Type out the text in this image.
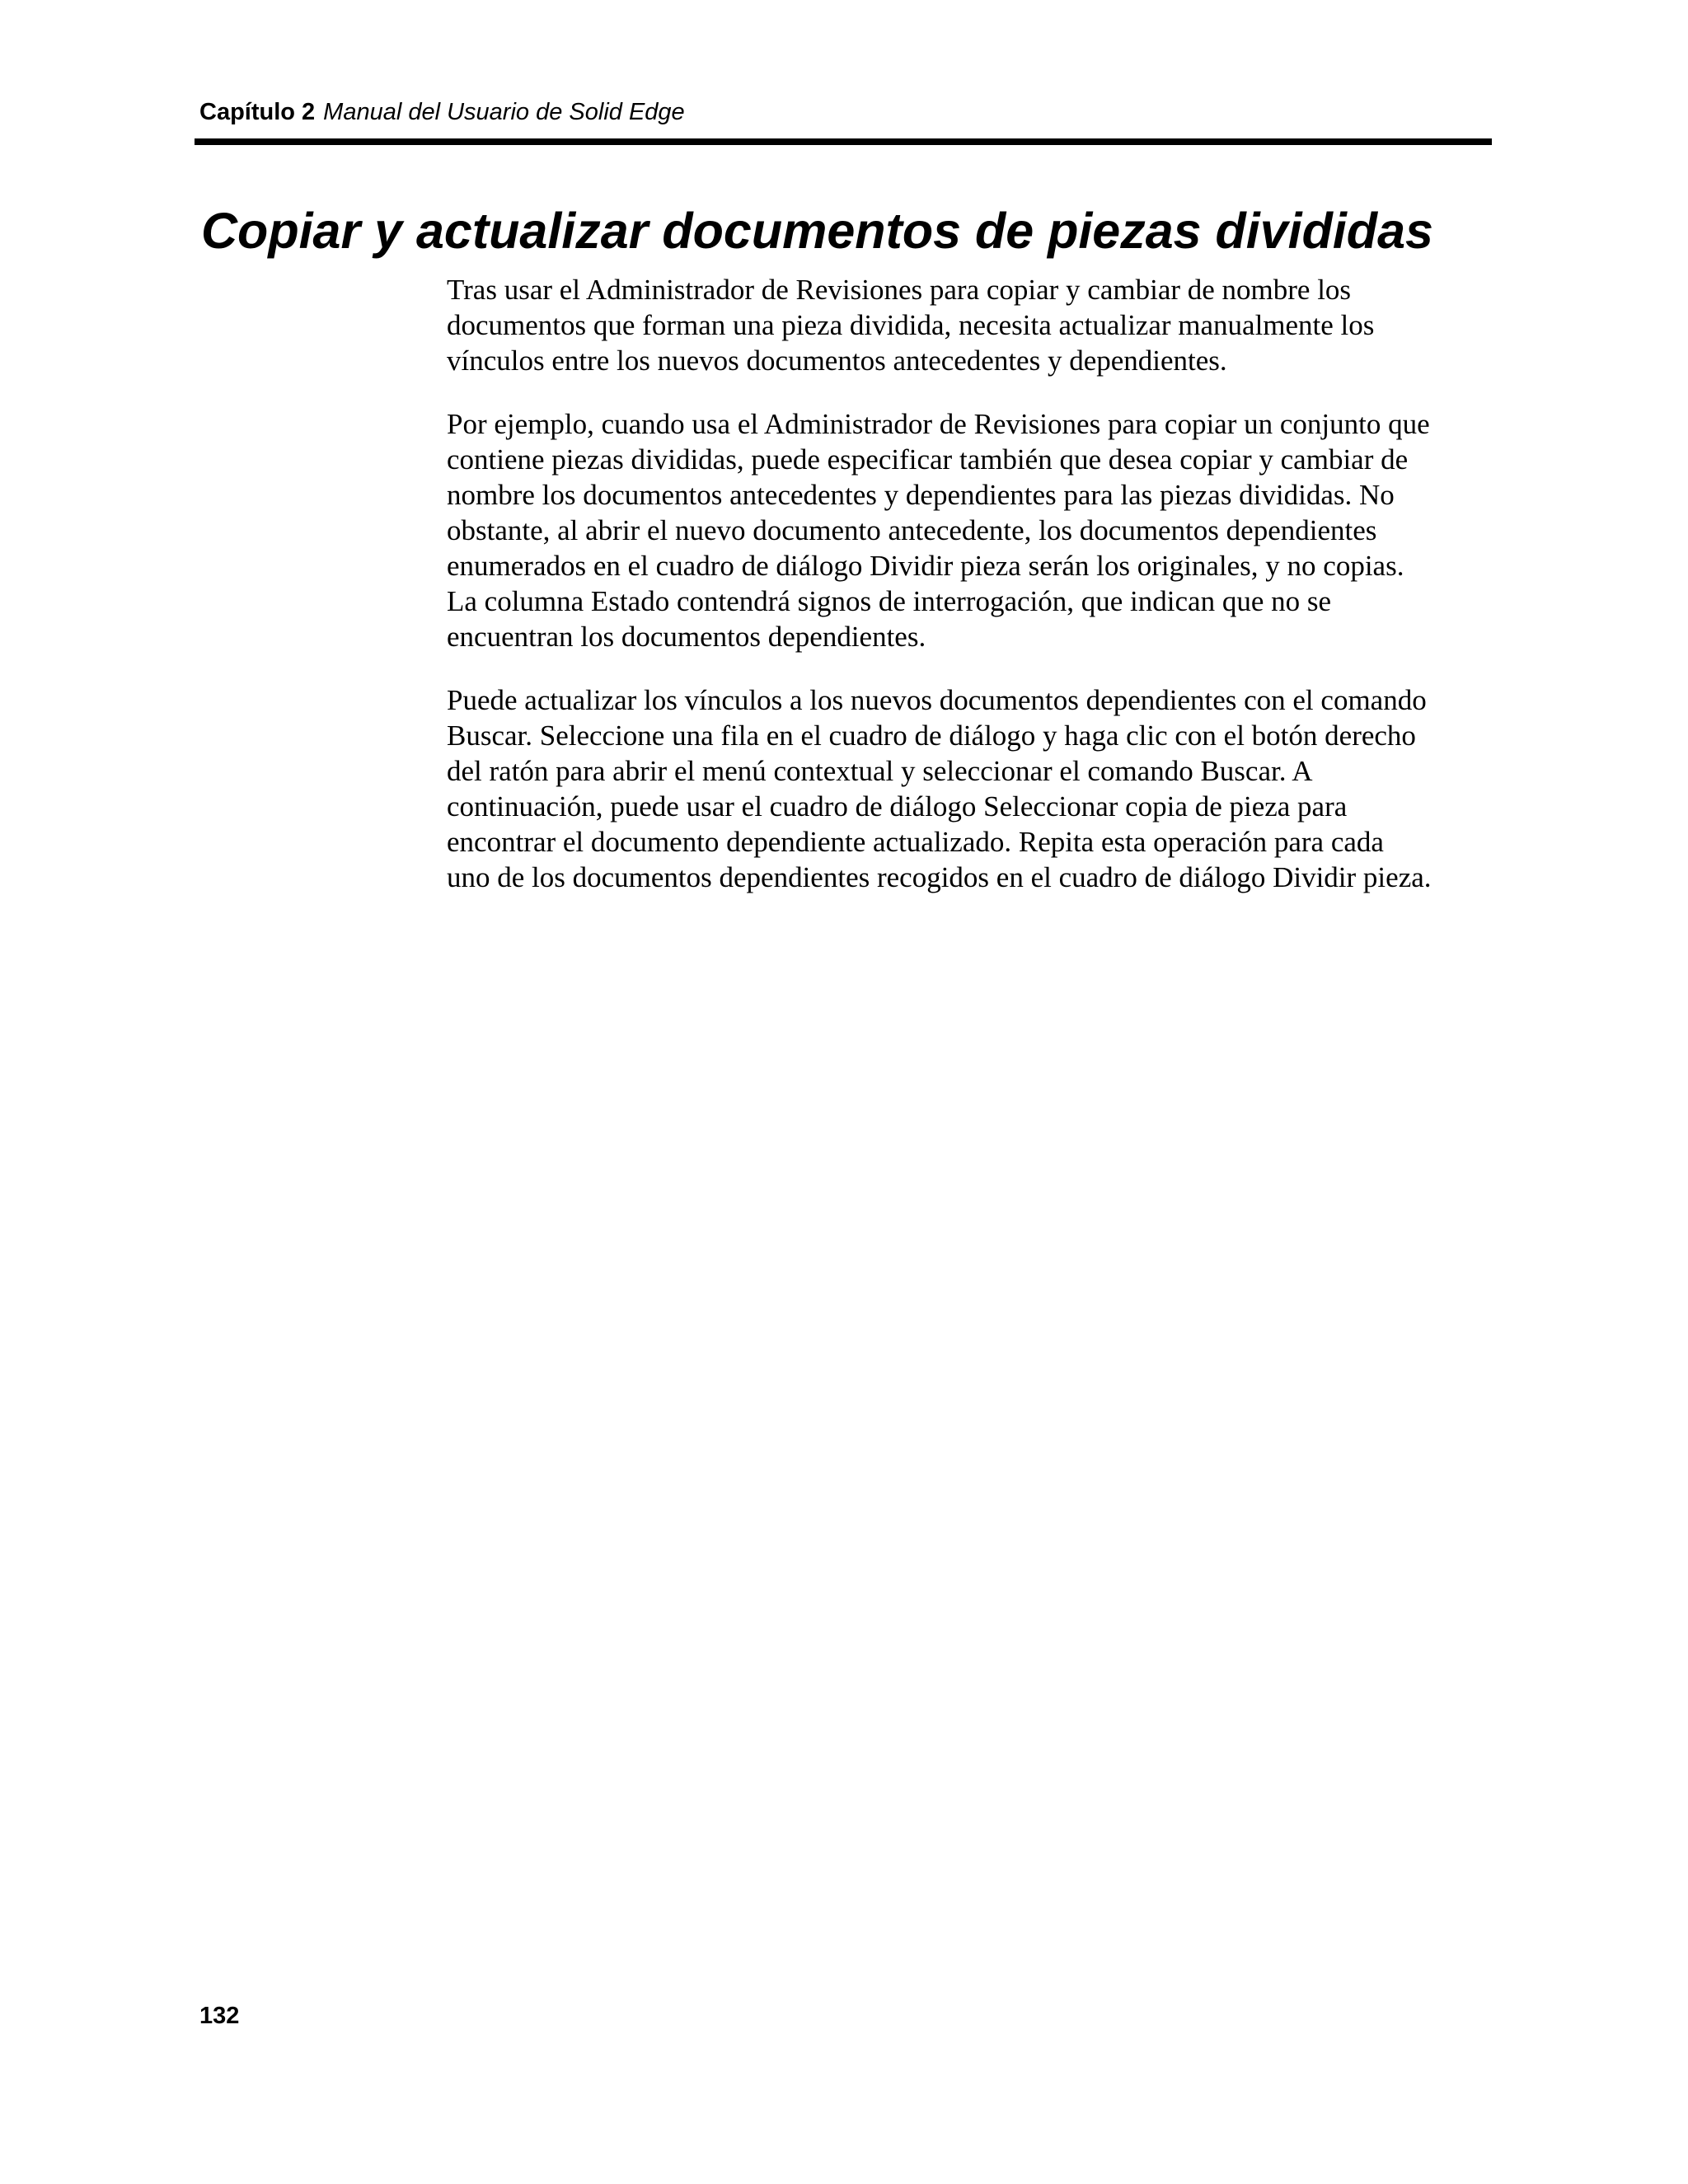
Capítulo 2 Manual del Usuario de Solid Edge
Copiar y actualizar documentos de piezas divididas

Tras usar el Administrador de Revisiones para copiar y cambiar de nombre los
documentos que forman una pieza dividida, necesita actualizar manualmente los
vínculos entre los nuevos documentos antecedentes y dependientes.

Por ejemplo, cuando usa el Administrador de Revisiones para copiar un conjunto que
contiene piezas divididas, puede especificar también que desea copiar y cambiar de
nombre los documentos antecedentes y dependientes para las piezas divididas. No
obstante, al abrir el nuevo documento antecedente, los documentos dependientes
enumerados en el cuadro de diálogo Dividir pieza serán los originales, y no copias.
La columna Estado contendrá signos de interrogación, que indican que no se
encuentran los documentos dependientes.

Puede actualizar los vínculos a los nuevos documentos dependientes con el comando
Buscar. Seleccione una fila en el cuadro de diálogo y haga clic con el botón derecho
del ratón para abrir el menú contextual y seleccionar el comando Buscar. A
continuación, puede usar el cuadro de diálogo Seleccionar copia de pieza para
encontrar el documento dependiente actualizado. Repita esta operación para cada
uno de los documentos dependientes recogidos en el cuadro de diálogo Dividir pieza.

132
